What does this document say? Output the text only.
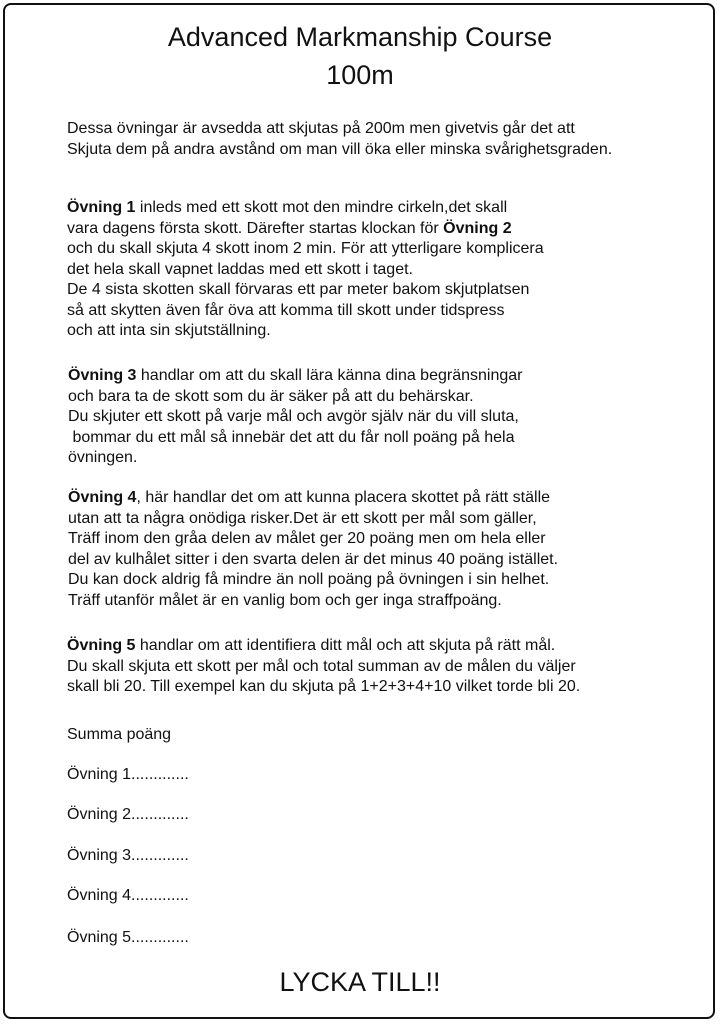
Advanced Markmanship Course
100m
Dessa övningar är avsedda att skjutas på 200m men givetvis går det att
Skjuta dem på andra avstånd om man vill öka eller minska svårighetsgraden.
Övning 1 inleds med ett skott mot den mindre cirkeln,det skall
vara dagens första skott. Därefter startas klockan för Övning 2
och du skall skjuta 4 skott inom 2 min. För att ytterligare komplicera
det hela skall vapnet laddas med ett skott i taget.
De 4 sista skotten skall förvaras ett par meter bakom skjutplatsen
så att skytten även får öva att komma till skott under tidspress
och att inta sin skjutställning.
Övning 3 handlar om att du skall lära känna dina begränsningar
och bara ta de skott som du är säker på att du behärskar.
Du skjuter ett skott på varje mål och avgör själv när du vill sluta,
bommar du ett mål så innebär det att du får noll poäng på hela
övningen.
Övning 4, här handlar det om att kunna placera skottet på rätt ställe
utan att ta några onödiga risker.Det är ett skott per mål som gäller,
Träff inom den gråa delen av målet ger 20 poäng men om hela eller
del av kulhålet sitter i den svarta delen är det minus 40 poäng istället.
Du kan dock aldrig få mindre än noll poäng på övningen i sin helhet.
Träff utanför målet är en vanlig bom och ger inga straffpoäng.
Övning 5 handlar om att identifiera ditt mål och att skjuta på rätt mål.
Du skall skjuta ett skott per mål och total summan av de målen du väljer
skall bli 20. Till exempel kan du skjuta på 1+2+3+4+10 vilket torde bli 20.
Summa poäng
Övning 1.............
Övning 2.............
Övning 3.............
Övning 4.............
Övning 5.............
LYCKA TILL!!
